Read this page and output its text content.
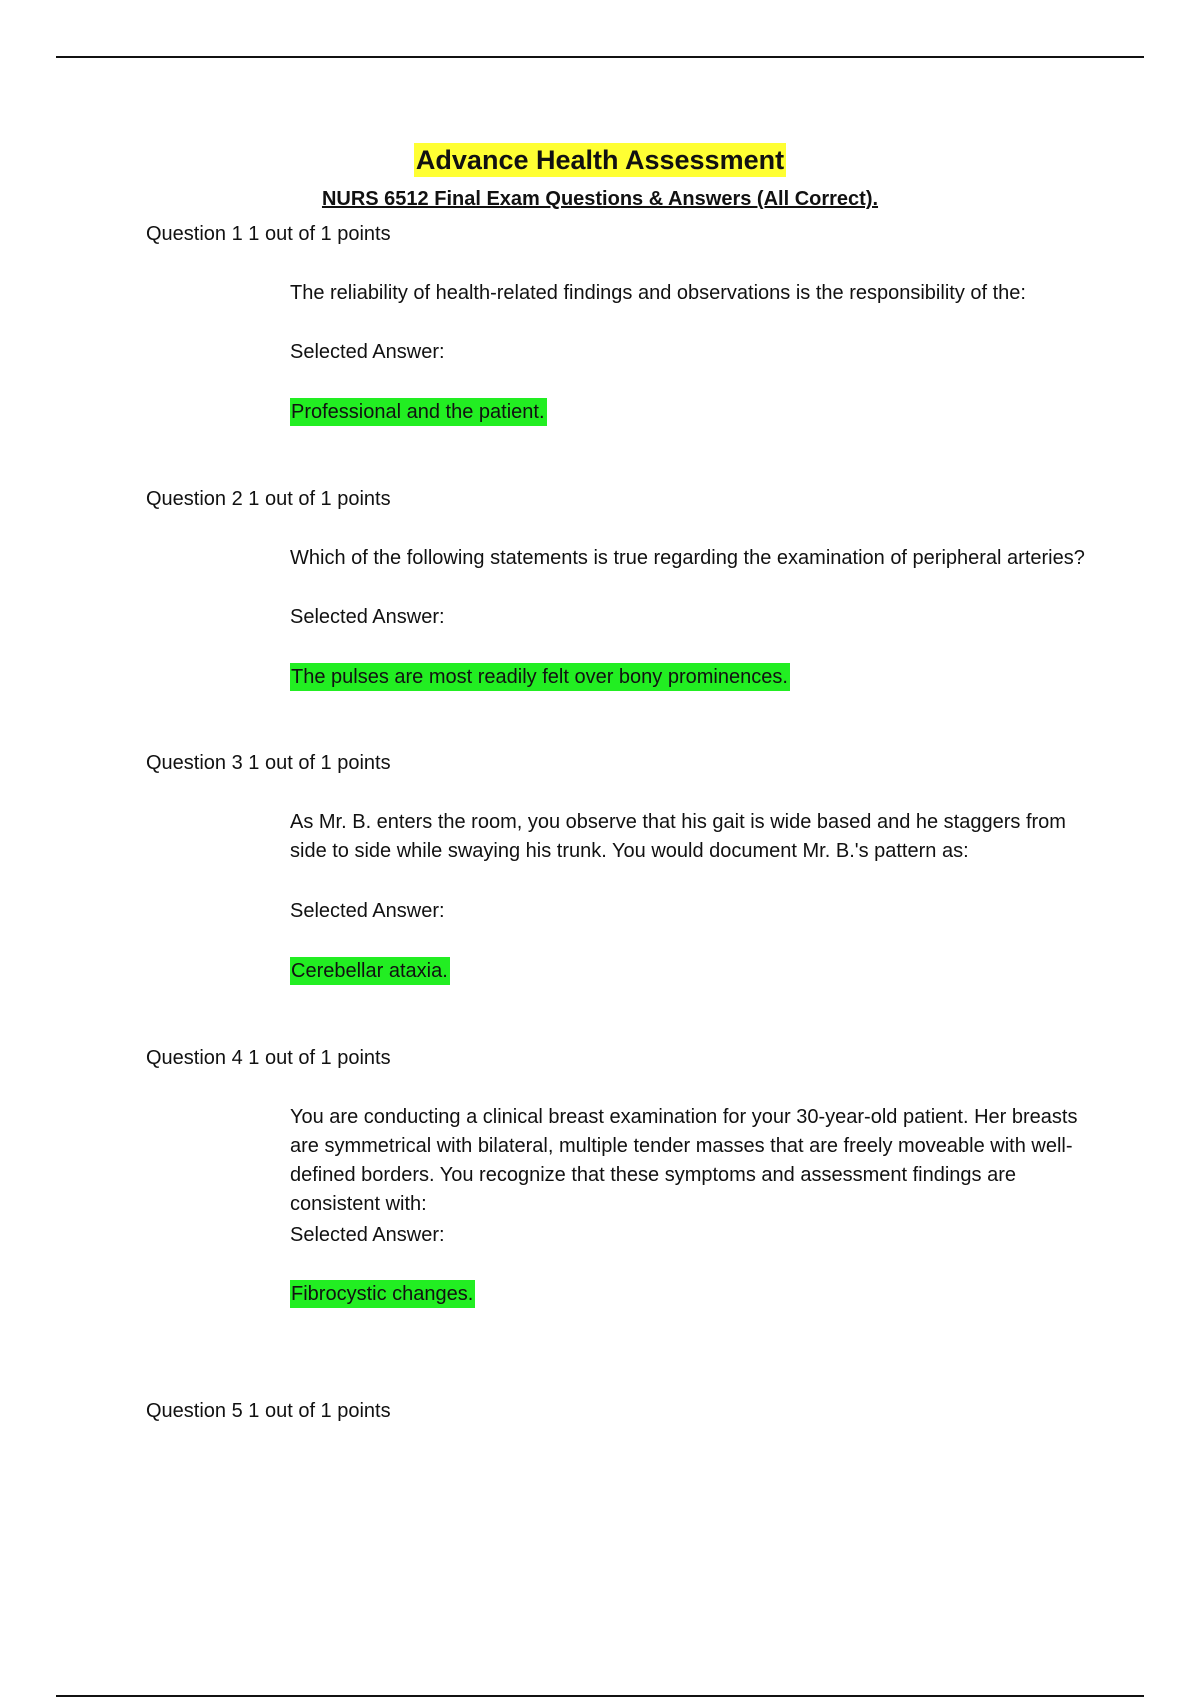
Advance Health Assessment
NURS 6512 Final Exam Questions & Answers (All Correct).
Question 1 1 out of 1 points

The reliability of health-related findings and observations is the responsibility of the:

Selected Answer:
Professional and the patient.
Question 2 1 out of 1 points

Which of the following statements is true regarding the examination of peripheral arteries?

Selected Answer:
The pulses are most readily felt over bony prominences.
Question 3 1 out of 1 points

As Mr. B. enters the room, you observe that his gait is wide based and he staggers from side to side while swaying his trunk. You would document Mr. B.'s pattern as:

Selected Answer:
Cerebellar ataxia.
Question 4 1 out of 1 points

You are conducting a clinical breast examination for your 30-year-old patient. Her breasts are symmetrical with bilateral, multiple tender masses that are freely moveable with well-defined borders. You recognize that these symptoms and assessment findings are consistent with:

Selected Answer:
Fibrocystic changes.
Question 5 1 out of 1 points
